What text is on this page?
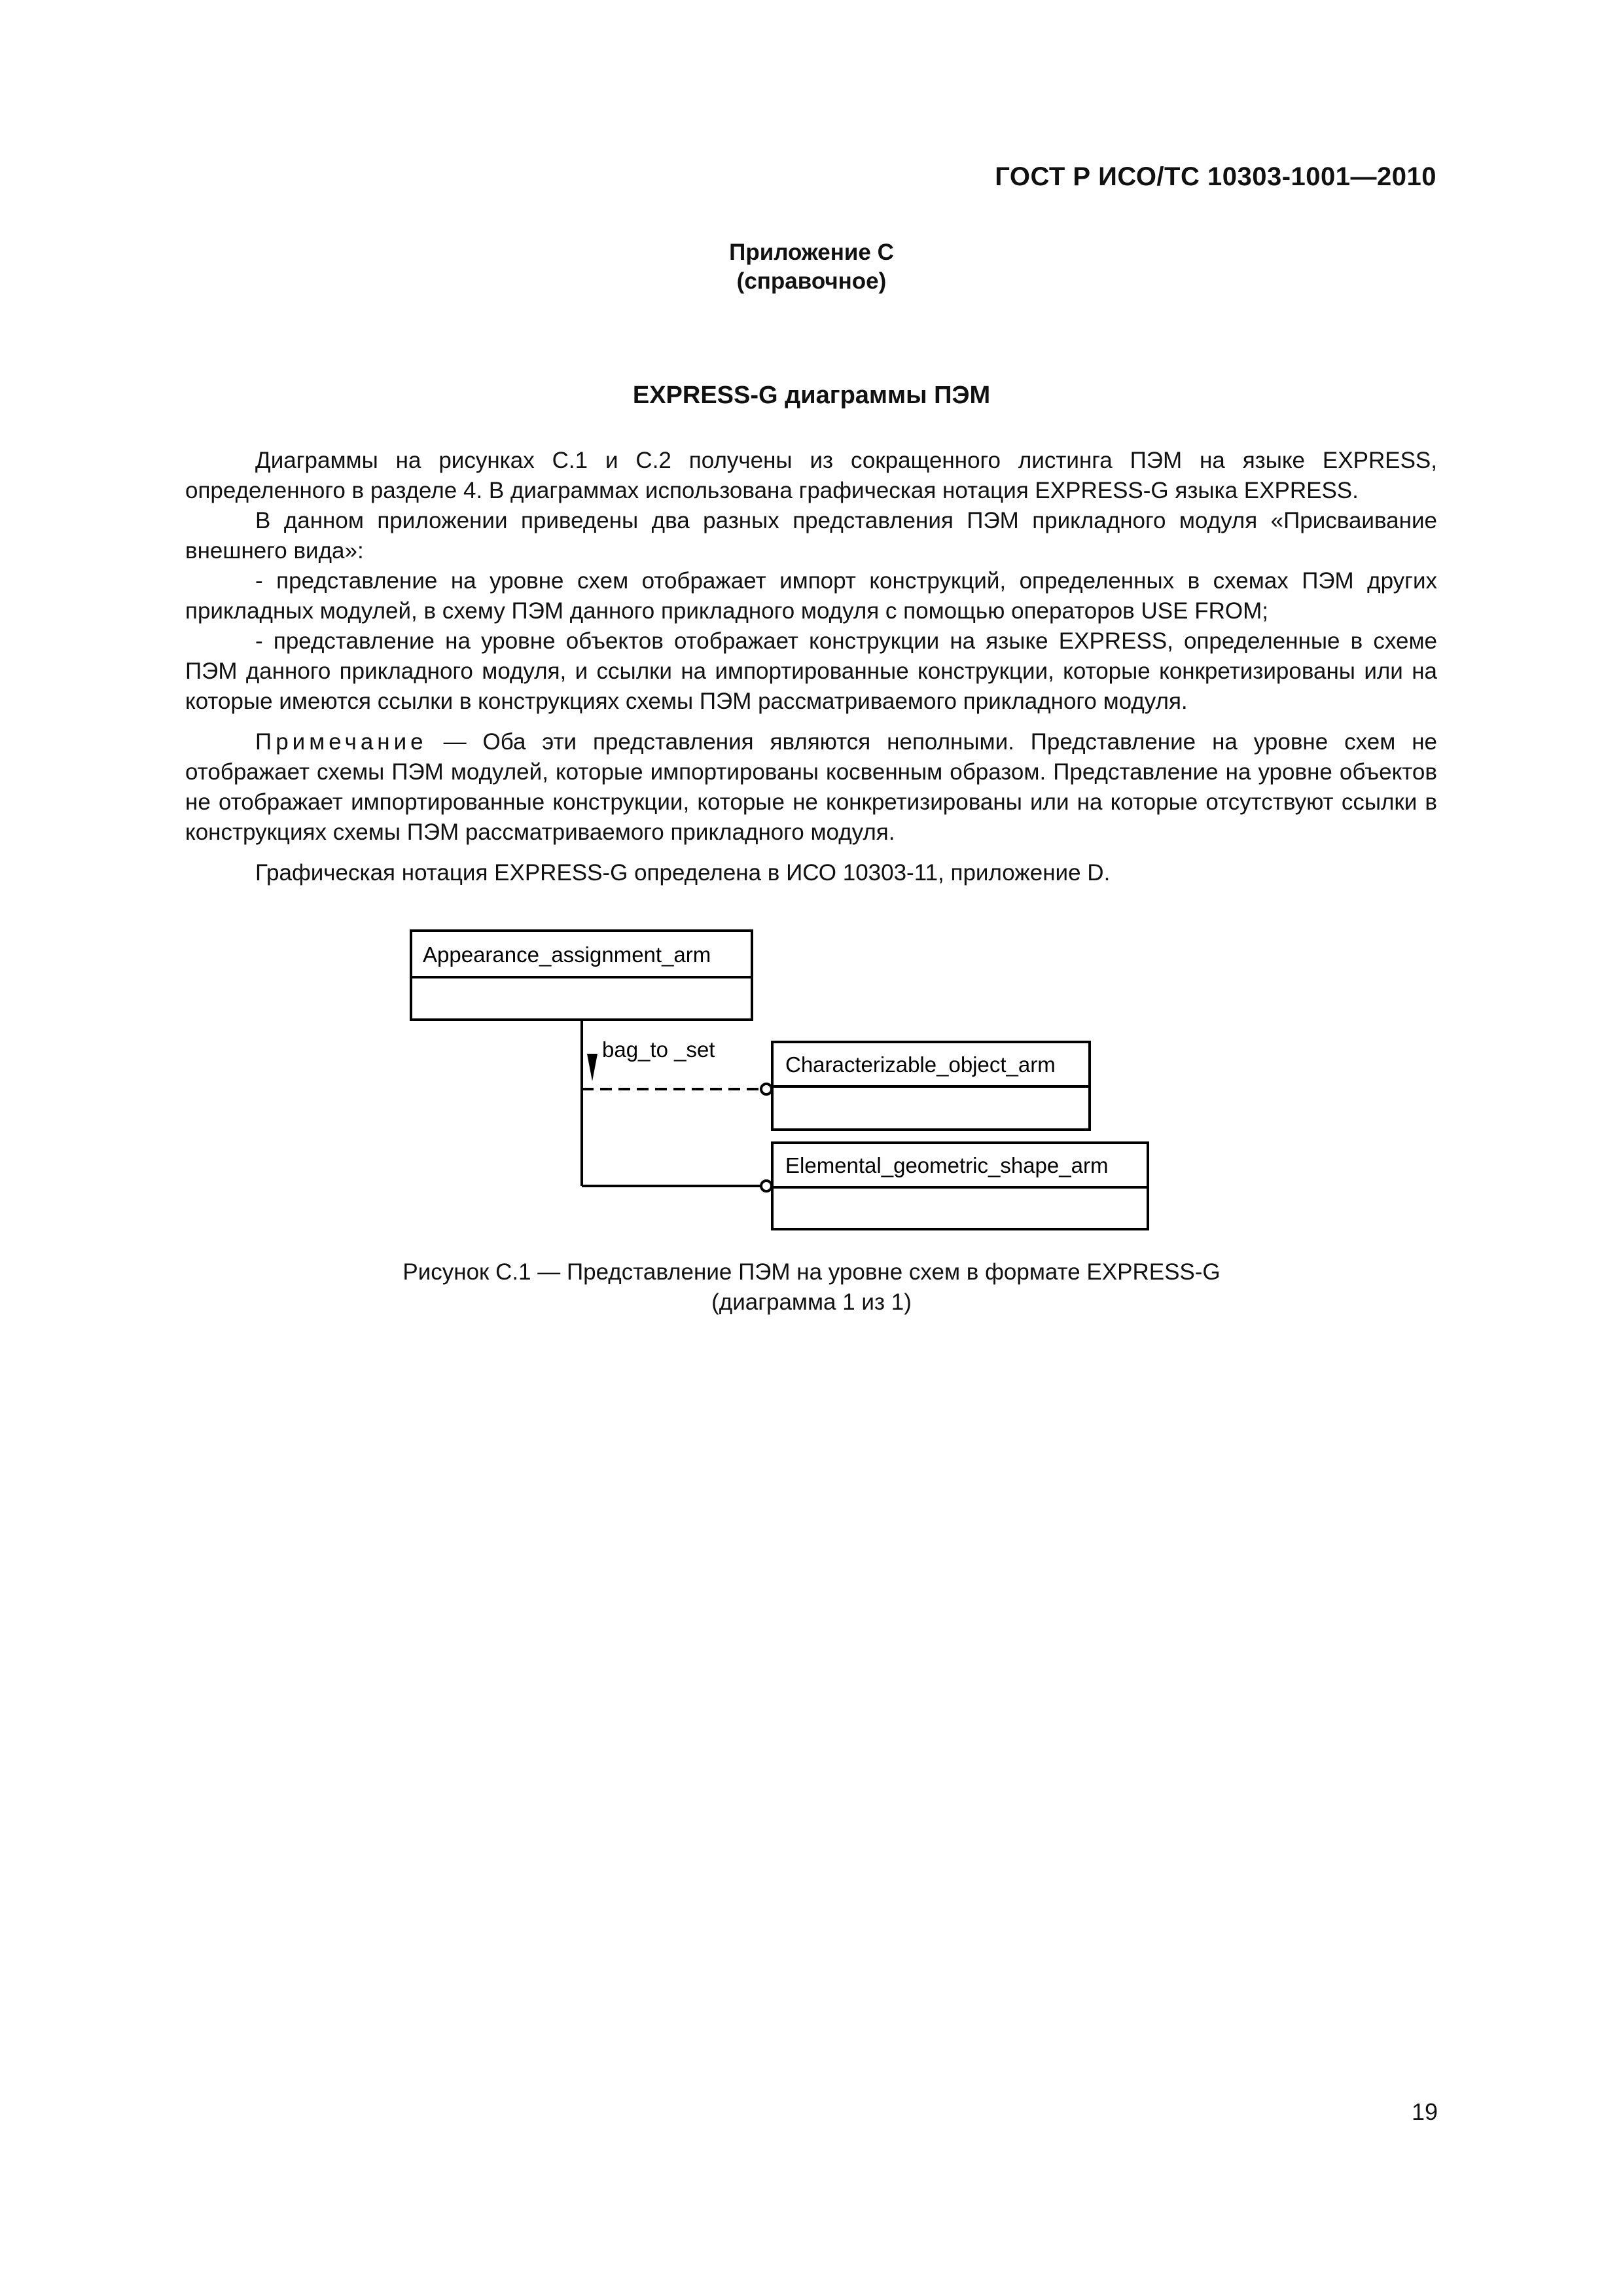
ГОСТ Р ИСО/ТС 10303-1001—2010
Приложение С
(справочное)
EXPRESS-G диаграммы ПЭМ

Диаграммы на рисунках С.1 и С.2 получены из сокращенного листинга ПЭМ на языке EXPRESS, определенного в разделе 4. В диаграммах использована графическая нотация EXPRESS-G языка EXPRESS.

В данном приложении приведены два разных представления ПЭМ прикладного модуля «Присваивание внешнего вида»:

- представление на уровне схем отображает импорт конструкций, определенных в схемах ПЭМ других прикладных модулей, в схему ПЭМ данного прикладного модуля с помощью операторов USE FROM;

- представление на уровне объектов отображает конструкции на языке EXPRESS, определенные в схеме ПЭМ данного прикладного модуля, и ссылки на импортированные конструкции, которые конкретизированы или на которые имеются ссылки в конструкциях схемы ПЭМ рассматриваемого прикладного модуля.

Примечание — Оба эти представления являются неполными. Представление на уровне схем не отображает схемы ПЭМ модулей, которые импортированы косвенным образом. Представление на уровне объектов не отображает импортированные конструкции, которые не конкретизированы или на которые отсутствуют ссылки в конструкциях схемы ПЭМ рассматриваемого прикладного модуля.

Графическая нотация EXPRESS-G определена в ИСО 10303-11, приложение D.

Appearance_assignment_arm
Characterizable_object_arm
Elemental_geometric_shape_arm
bag_to _set
Рисунок С.1 — Представление ПЭМ на уровне схем в формате EXPRESS-G
(диаграмма 1 из 1)
19
